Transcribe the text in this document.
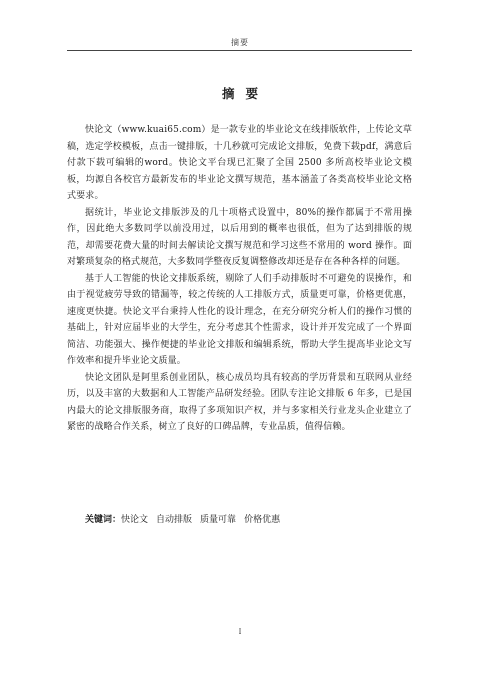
摘要
摘要

快论文（www.kuai65.com）是一款专业的毕业论文在线排版软件，上传论文草稿，选定学校模板，点击一键排版，十几秒就可完成论文排版，免费下载pdf，满意后付款下载可编辑的word。快论文平台现已汇聚了全国 2500 多所高校毕业论文模板，均源自各校官方最新发布的毕业论文撰写规范，基本涵盖了各类高校毕业论文格式要求。

据统计，毕业论文排版涉及的几十项格式设置中，80%的操作都属于不常用操作，因此绝大多数同学以前没用过，以后用到的概率也很低，但为了达到排版的规范，却需要花费大量的时间去解读论文撰写规范和学习这些不常用的 word 操作。面对繁琐复杂的格式规范，大多数同学整夜反复调整修改却还是存在各种各样的问题。

基于人工智能的快论文排版系统，剔除了人们手动排版时不可避免的误操作，和由于视觉疲劳导致的错漏等，较之传统的人工排版方式，质量更可靠，价格更优惠，速度更快捷。快论文平台秉持人性化的设计理念，在充分研究分析人们的操作习惯的基础上，针对应届毕业的大学生，充分考虑其个性需求，设计并开发完成了一个界面简洁、功能强大、操作便捷的毕业论文排版和编辑系统，帮助大学生提高毕业论文写作效率和提升毕业论文质量。

快论文团队是阿里系创业团队，核心成员均具有较高的学历背景和互联网从业经历，以及丰富的大数据和人工智能产品研发经验。团队专注论文排版 6 年多，已是国内最大的论文排版服务商，取得了多项知识产权，并与多家相关行业龙头企业建立了紧密的战略合作关系，树立了良好的口碑品牌，专业品质，值得信赖。

关键词：快论文 自动排版 质量可靠 价格优惠
I
